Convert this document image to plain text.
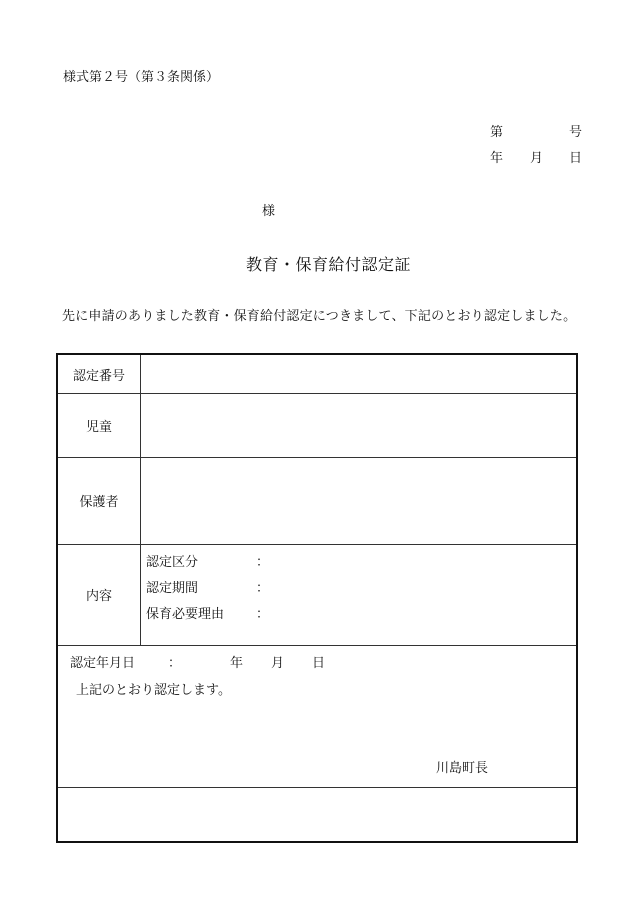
様式第２号（第３条関係）
第	号
年 月 日
様
教育・保育給付認定証
先に申請のありました教育・保育給付認定につきまして、下記のとおり認定しました。
認定番号
児童
保護者
内容
認定区分	：
認定期間	：
保育必要理由 ：
認定年月日	：	年 月 日
上記のとおり認定します。
川島町長
